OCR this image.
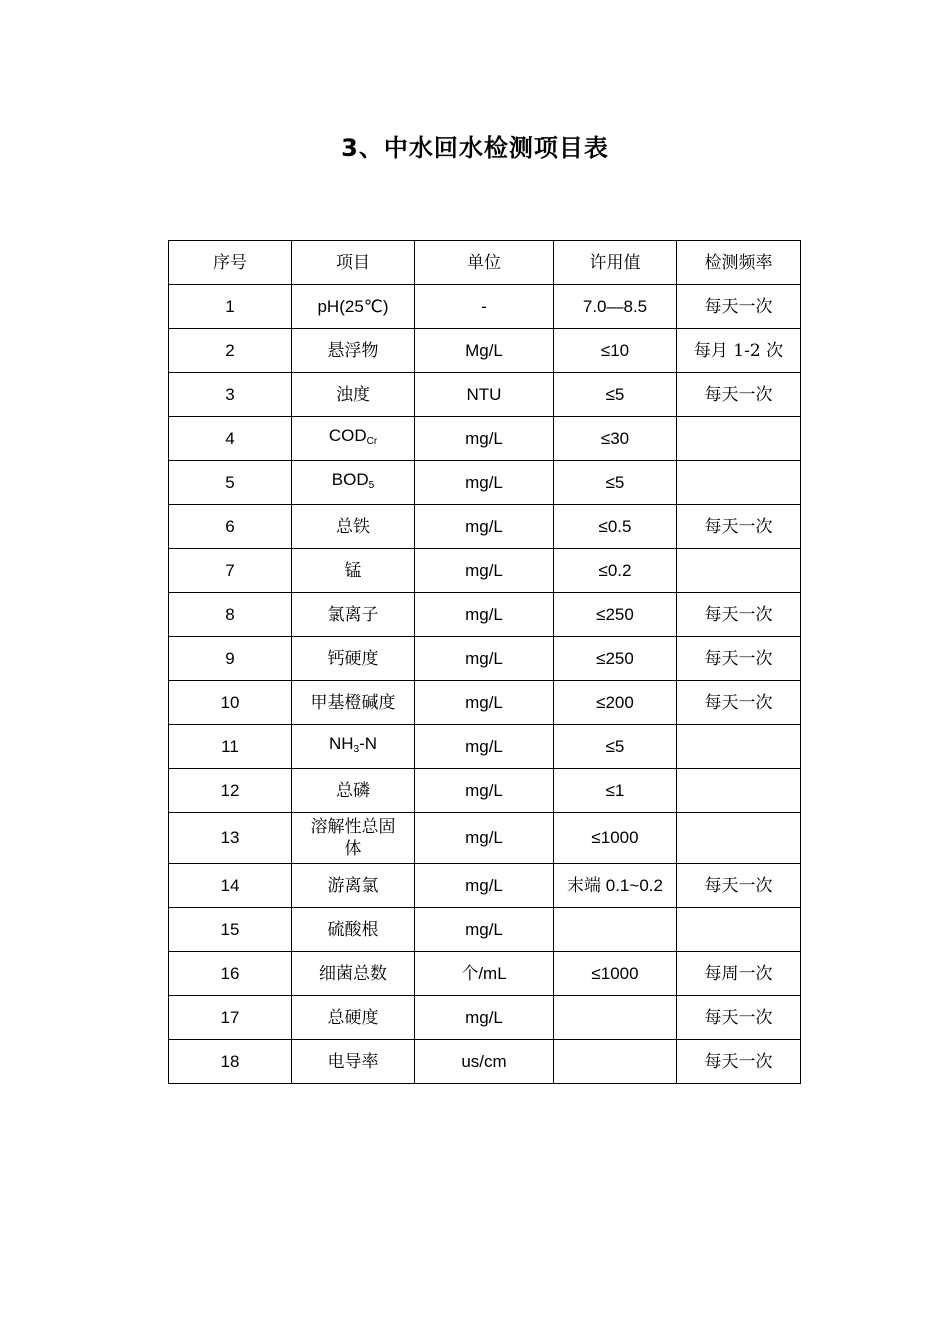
3、中水回水检测项目表
序号	项目	单位	许用值	检测频率
1	pH(25℃)	-	7.0—8.5	每天一次
2	悬浮物	Mg/L	≤10	每月 1-2 次
3	浊度	NTU	≤5	每天一次
4	$COD_{Cr}$	mg/L	≤30	
5	$BOD_5$	mg/L	≤5	
6	总铁	mg/L	≤0.5	每天一次
7	锰	mg/L	≤0.2	
8	氯离子	mg/L	≤250	每天一次
9	钙硬度	mg/L	≤250	每天一次
10	甲基橙碱度	mg/L	≤200	每天一次
11	$NH_3-N$	mg/L	≤5	
12	总磷	mg/L	≤1	
13	溶解性总固
体	mg/L	≤1000	
14	游离氯	mg/L	末端 0.1~0.2	每天一次
15	硫酸根	mg/L		
16	细菌总数	个/mL	≤1000	每周一次
17	总硬度	mg/L		每天一次
18	电导率	us/cm		每天一次
